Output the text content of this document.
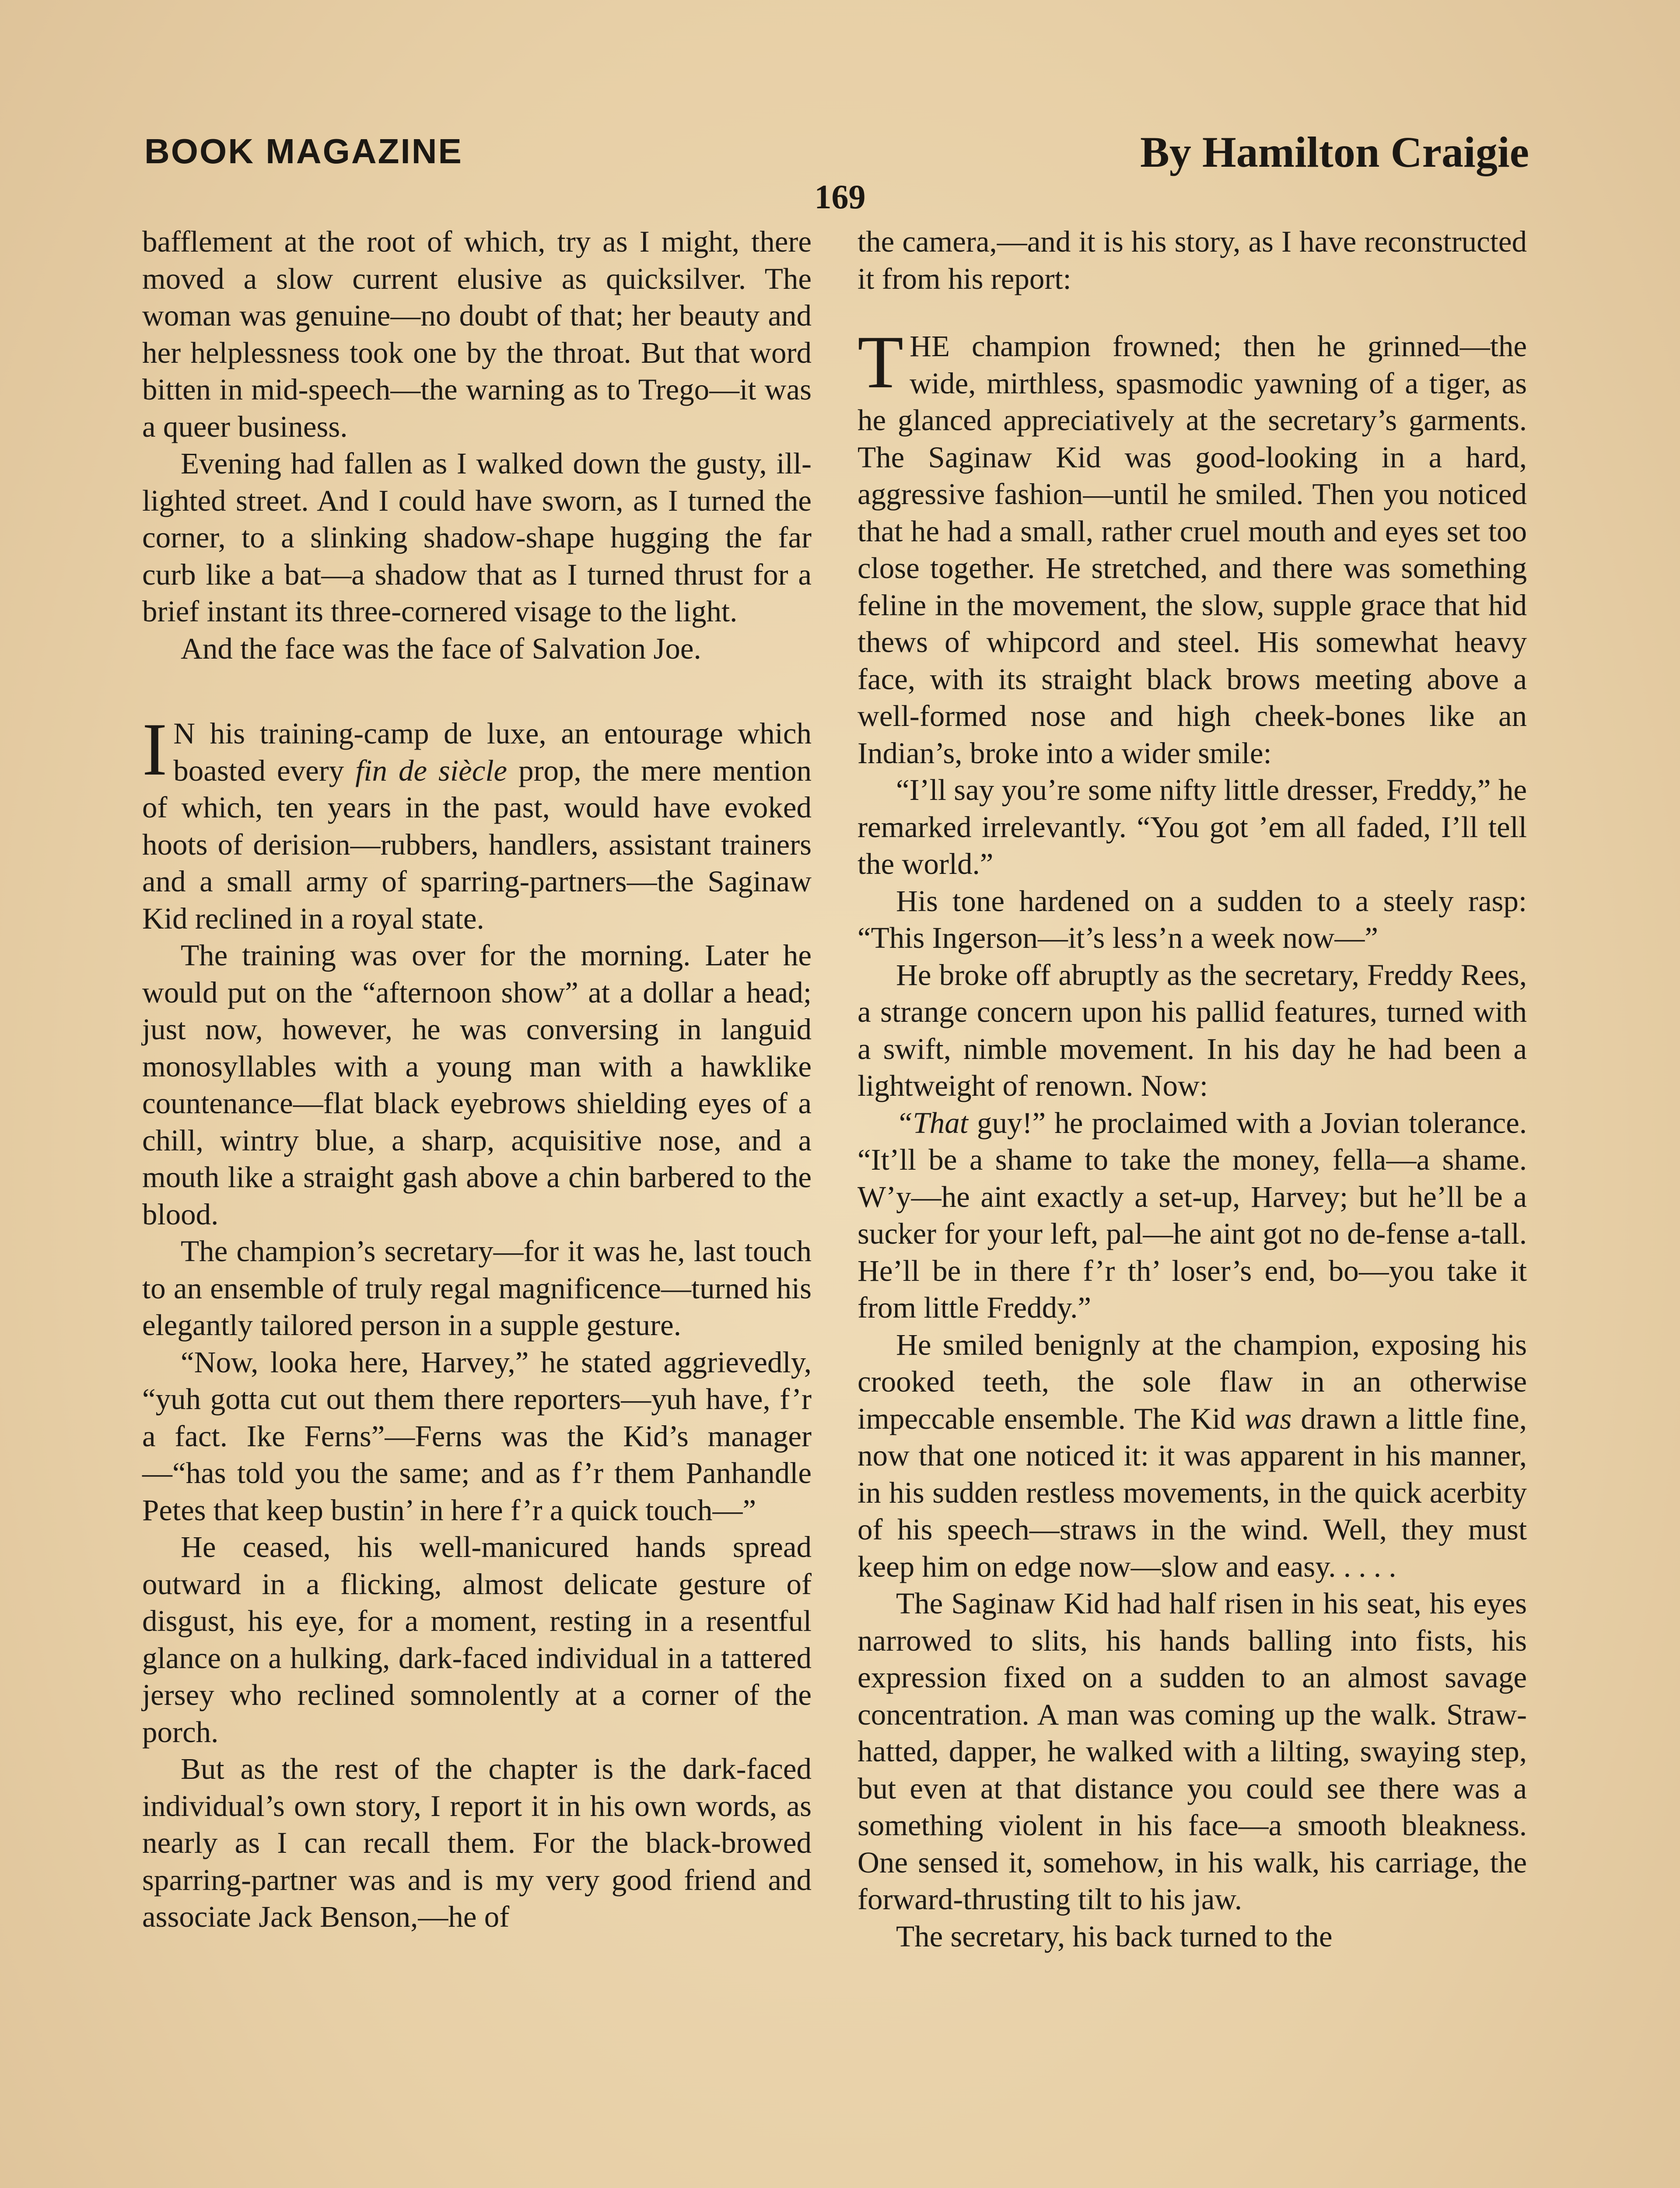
BOOK MAGAZINE	By Hamilton Craigie
169

bafflement at the root of which, try as I might, there moved a slow current elusive as quicksilver. The woman was genuine—no doubt of that; her beauty and her helplessness took one by the throat. But that word bitten in mid-speech—the warning as to Trego—it was a queer business.

Evening had fallen as I walked down the gusty, ill-lighted street. And I could have sworn, as I turned the corner, to a slinking shadow-shape hugging the far curb like a bat—a shadow that as I turned thrust for a brief instant its three-cornered visage to the light.

And the face was the face of Salvation Joe.

I N his training-camp de luxe, an entourage which boasted every fin de siècle prop, the mere mention of which, ten years in the past, would have evoked hoots of derision—rubbers, handlers, assistant trainers and a small army of sparring-partners—the Saginaw Kid reclined in a royal state.

The training was over for the morning. Later he would put on the “afternoon show” at a dollar a head; just now, however, he was conversing in languid monosyllables with a young man with a hawklike countenance—flat black eyebrows shielding eyes of a chill, wintry blue, a sharp, acquisitive nose, and a mouth like a straight gash above a chin barbered to the blood.

The champion’s secretary—for it was he, last touch to an ensemble of truly regal magnificence—turned his elegantly tailored person in a supple gesture.

“Now, looka here, Harvey,” he stated aggrievedly, “yuh gotta cut out them there reporters—yuh have, f’r a fact. Ike Ferns”—Ferns was the Kid’s manager—“has told you the same; and as f’r them Panhandle Petes that keep bustin’ in here f’r a quick touch—”

He ceased, his well-manicured hands spread outward in a flicking, almost delicate gesture of disgust, his eye, for a moment, resting in a resentful glance on a hulking, dark-faced individual in a tattered jersey who reclined somnolently at a corner of the porch.

But as the rest of the chapter is the dark-faced individual’s own story, I report it in his own words, as nearly as I can recall them. For the black-browed sparring-partner was and is my very good friend and associate Jack Benson,—he of

the camera,—and it is his story, as I have reconstructed it from his report:

THE champion frowned; then he grinned—the wide, mirthless, spasmodic yawning of a tiger, as he glanced appreciatively at the secretary’s garments. The Saginaw Kid was good-looking in a hard, aggressive fashion—until he smiled. Then you noticed that he had a small, rather cruel mouth and eyes set too close together. He stretched, and there was something feline in the movement, the slow, supple grace that hid thews of whipcord and steel. His somewhat heavy face, with its straight black brows meeting above a well-formed nose and high cheek-bones like an Indian’s, broke into a wider smile:

“I’ll say you’re some nifty little dresser, Freddy,” he remarked irrelevantly. “You got ’em all faded, I’ll tell the world.”

His tone hardened on a sudden to a steely rasp: “This Ingerson—it’s less’n a week now—”

He broke off abruptly as the secretary, Freddy Rees, a strange concern upon his pallid features, turned with a swift, nimble movement. In his day he had been a lightweight of renown. Now:

“That guy!” he proclaimed with a Jovian tolerance. “It’ll be a shame to take the money, fella—a shame. W’y—he aint exactly a set-up, Harvey; but he’ll be a sucker for your left, pal—he aint got no de-fense a-tall. He’ll be in there f’r th’ loser’s end, bo—you take it from little Freddy.”

He smiled benignly at the champion, exposing his crooked teeth, the sole flaw in an otherwise impeccable ensemble. The Kid was drawn a little fine, now that one noticed it: it was apparent in his manner, in his sudden restless movements, in the quick acerbity of his speech—straws in the wind. Well, they must keep him on edge now—slow and easy. . . . .

The Saginaw Kid had half risen in his seat, his eyes narrowed to slits, his hands balling into fists, his expression fixed on a sudden to an almost savage concentration. A man was coming up the walk. Straw-hatted, dapper, he walked with a lilting, swaying step, but even at that distance you could see there was a something violent in his face—a smooth bleakness. One sensed it, somehow, in his walk, his carriage, the forward-thrusting tilt to his jaw.

The secretary, his back turned to the
